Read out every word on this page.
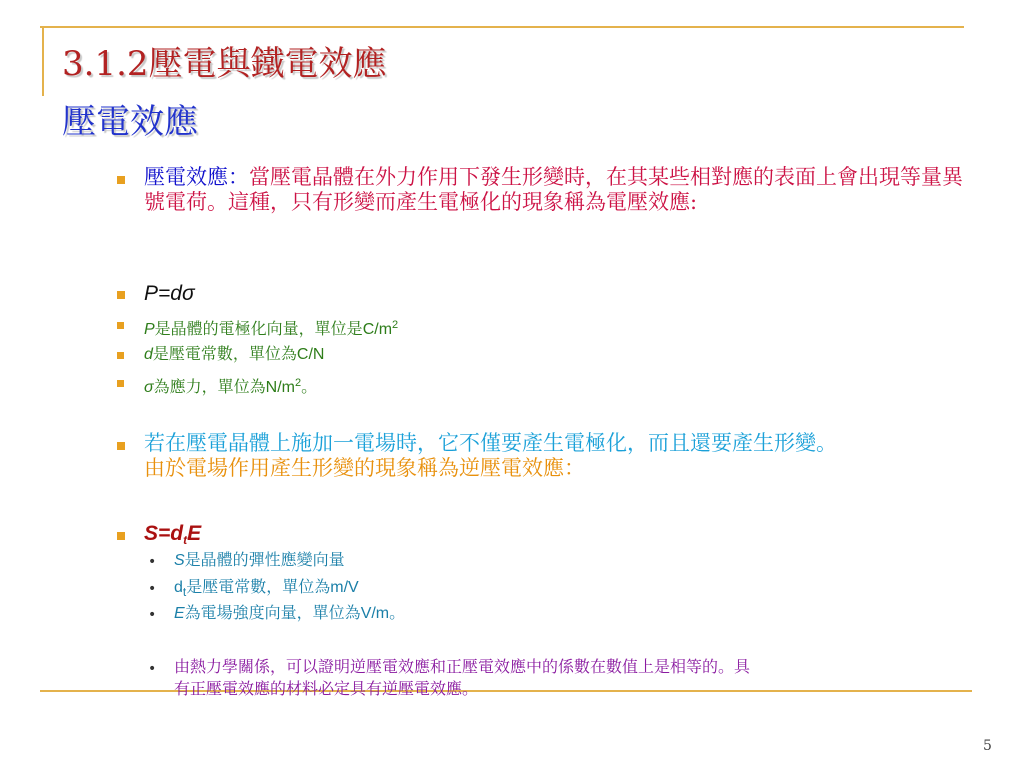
3.1.2壓電與鐵電效應
壓電效應
壓電效應：當壓電晶體在外力作用下發生形變時，在其某些相對應的表面上會出現等量異號電荷。這種，只有形變而產生電極化的現象稱為電壓效應:
P=dσ
P是晶體的電極化向量，單位是$C/m^2$
d是壓電常數，單位為C/N
σ為應力，單位為$N/m^2$。
若在壓電晶體上施加一電場時，它不僅要產生電極化，而且還要產生形變。
由於電場作用產生形變的現象稱為逆壓電效應：
$S=d_tE$
• S是晶體的彈性應變向量
• $d_t$是壓電常數，單位為m/V
• E為電場強度向量，單位為V/m。
• 由熱力學關係，可以證明逆壓電效應和正壓電效應中的係數在數值上是相等的。具
有正壓電效應的材料必定具有逆壓電效應。
5
